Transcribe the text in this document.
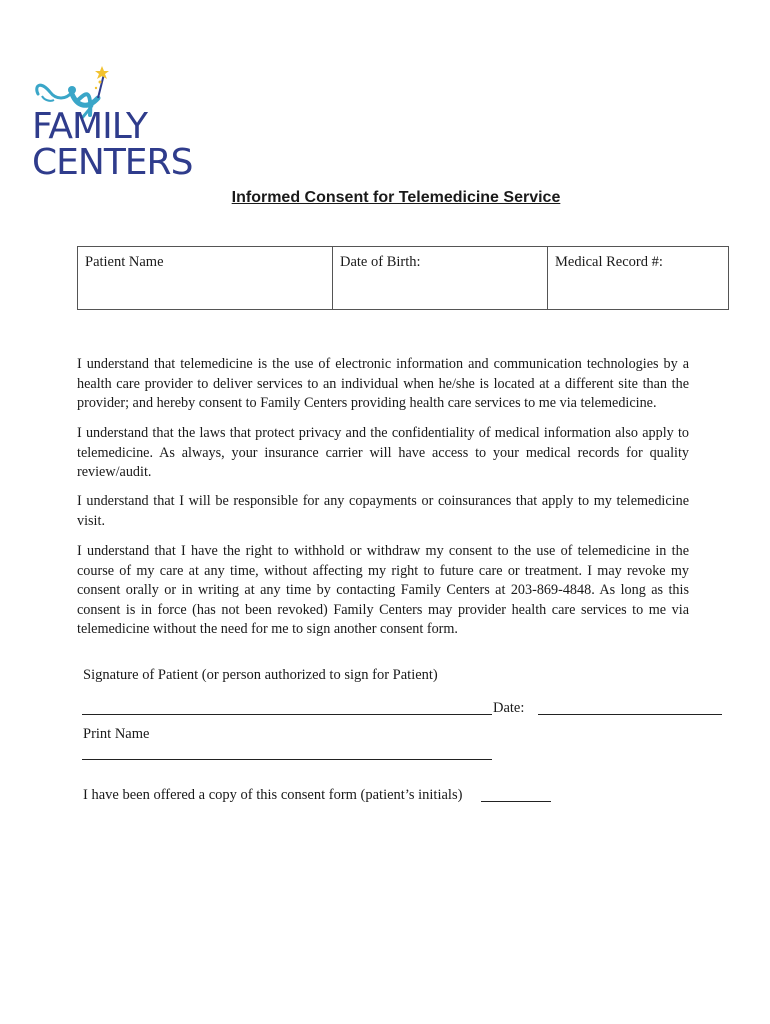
FAMILY
CENTERS
Informed Consent for Telemedicine Service
Patient Name	Date of Birth:	Medical Record #:

I understand that telemedicine is the use of electronic information and communication technologies by a health care provider to deliver services to an individual when he/she is located at a different site than the provider; and hereby consent to Family Centers providing health care services to me via telemedicine.

I understand that the laws that protect privacy and the confidentiality of medical information also apply to telemedicine. As always, your insurance carrier will have access to your medical records for quality review/audit.

I understand that I will be responsible for any copayments or coinsurances that apply to my telemedicine visit.

I understand that I have the right to withhold or withdraw my consent to the use of telemedicine in the course of my care at any time, without affecting my right to future care or treatment. I may revoke my consent orally or in writing at any time by contacting Family Centers at 203-869-4848. As long as this consent is in force (has not been revoked) Family Centers may provider health care services to me via telemedicine without the need for me to sign another consent form.

Signature of Patient (or person authorized to sign for Patient)
Date:
Print Name
I have been offered a copy of this consent form (patient’s initials)
